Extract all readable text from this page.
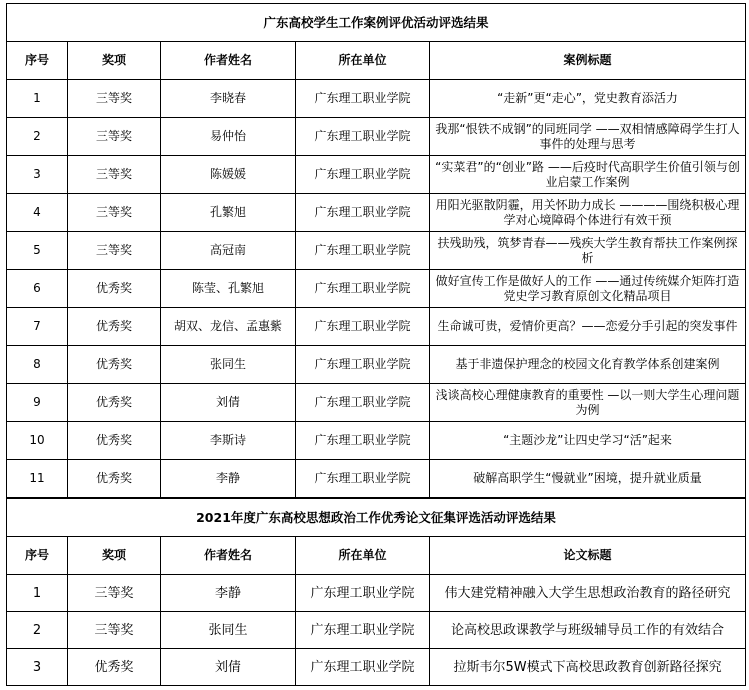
广东高校学生工作案例评优活动评选结果				
序号	奖项	作者姓名	所在单位	案例标题
1	三等奖	李晓春	广东理工职业学院	“走新”更“走心”，党史教育添活力
2	三等奖	易仲怡	广东理工职业学院	我那“恨铁不成钢”的同班同学 ——双相情感障碍学生打人事件的处理与思考
3	三等奖	陈媛媛	广东理工职业学院	“实菜君”的“创业”路 ——后疫时代高职学生价值引领与创业启蒙工作案例
4	三等奖	孔繁旭	广东理工职业学院	用阳光驱散阴霾，用关怀助力成长 ————围绕积极心理学对心境障碍个体进行有效干预
5	三等奖	高冠南	广东理工职业学院	扶残助残，筑梦青春——残疾大学生教育帮扶工作案例探析
6	优秀奖	陈莹、孔繁旭	广东理工职业学院	做好宣传工作是做好人的工作 ——通过传统媒介矩阵打造党史学习教育原创文化精品项目
7	优秀奖	胡双、龙信、孟惠紫	广东理工职业学院	生命诚可贵，爱情价更高？——恋爱分手引起的突发事件
8	优秀奖	张同生	广东理工职业学院	基于非遗保护理念的校园文化育教学体系创建案例
9	优秀奖	刘倩	广东理工职业学院	浅谈高校心理健康教育的重要性 —以一则大学生心理问题为例
10	优秀奖	李斯诗	广东理工职业学院	“主题沙龙”让四史学习“活”起来
11	优秀奖	李静	广东理工职业学院	破解高职学生“慢就业”困境，提升就业质量
2021年度广东高校思想政治工作优秀论文征集评选活动评选结果				
序号	奖项	作者姓名	所在单位	论文标题
1	三等奖	李静	广东理工职业学院	伟大建党精神融入大学生思想政治教育的路径研究
2	三等奖	张同生	广东理工职业学院	论高校思政课教学与班级辅导员工作的有效结合
3	优秀奖	刘倩	广东理工职业学院	拉斯韦尔5W模式下高校思政教育创新路径探究
